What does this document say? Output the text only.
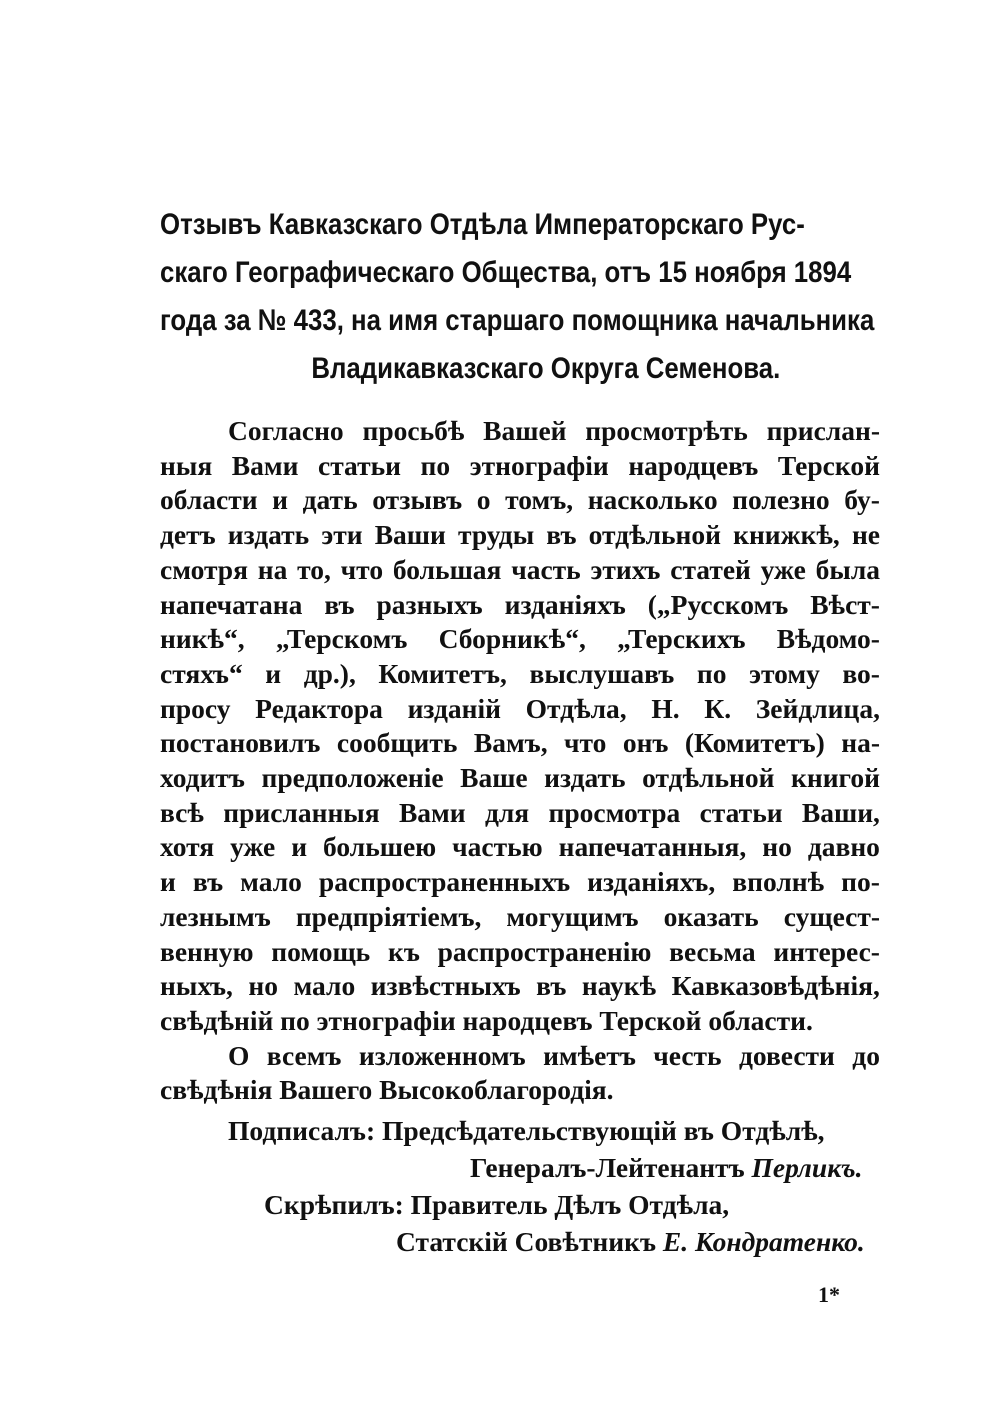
Отзывъ Кавказскаго Отдѣла Императорскаго Рус-
скаго Географическаго Общества, отъ 15 ноября 1894
года за № 433, на имя старшаго помощника начальника
Владикавказскаго Округа Семенова.
Согласно просьбѣ Вашей просмотрѣть прислан-
ныя Вами статьи по этнографіи народцевъ Терской
области и дать отзывъ о томъ, насколько полезно бу-
детъ издать эти Ваши труды въ отдѣльной книжкѣ, не
смотря на то, что большая часть этихъ статей уже была
напечатана въ разныхъ изданіяхъ („Русскомъ Вѣст-
никѣ“, „Терскомъ Сборникѣ“, „Терскихъ Вѣдомо-
стяхъ“ и др.), Комитетъ, выслушавъ по этому во-
просу Редактора изданій Отдѣла, Н. К. Зейдлица,
постановилъ сообщить Вамъ, что онъ (Комитетъ) на-
ходитъ предположеніе Ваше издать отдѣльной книгой
всѣ присланныя Вами для просмотра статьи Ваши,
хотя уже и большею частью напечатанныя, но давно
и въ мало распространенныхъ изданіяхъ, вполнѣ по-
лезнымъ предпріятіемъ, могущимъ оказать сущест-
венную помощь къ распространенію весьма интерес-
ныхъ, но мало извѣстныхъ въ наукѣ Кавказовѣдѣнія,
свѣдѣній по этнографіи народцевъ Терской области.
О всемъ изложенномъ имѣетъ честь довести до
свѣдѣнія Вашего Высокоблагородія.
Подписалъ: Предсѣдательствующій въ Отдѣлѣ,
Генералъ-Лейтенантъ Перликъ.
Скрѣпилъ: Правитель Дѣлъ Отдѣла,
Статскій Совѣтникъ Е. Кондратенко.
1*
